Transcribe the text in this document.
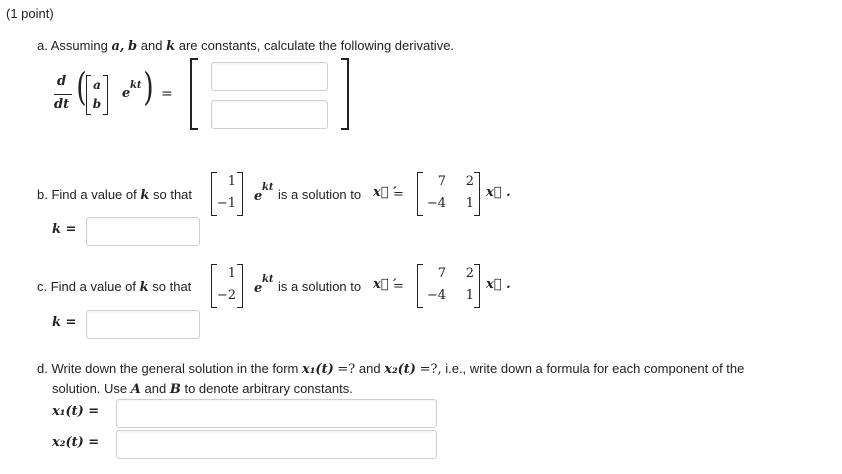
(1 point)
a. Assuming a, b and k are constants, calculate the following derivative.
d
dt ( a
b
e
kt ) =
b. Find a value of k so that
1
−1 e
kt is a solution to x⃗ ′
=
7	2
−4	1
x⃗ .
k =
c. Find a value of k so that
1
−2 e
kt is a solution to x⃗ ′
=
7	2
−4	1
x⃗ .
k =
d. Write down the general solution in the form x₁(t) =? and x₂(t) =?, i.e., write down a formula for each component of the
solution. Use A and B to denote arbitrary constants.
x₁(t) =
x₂(t) =
